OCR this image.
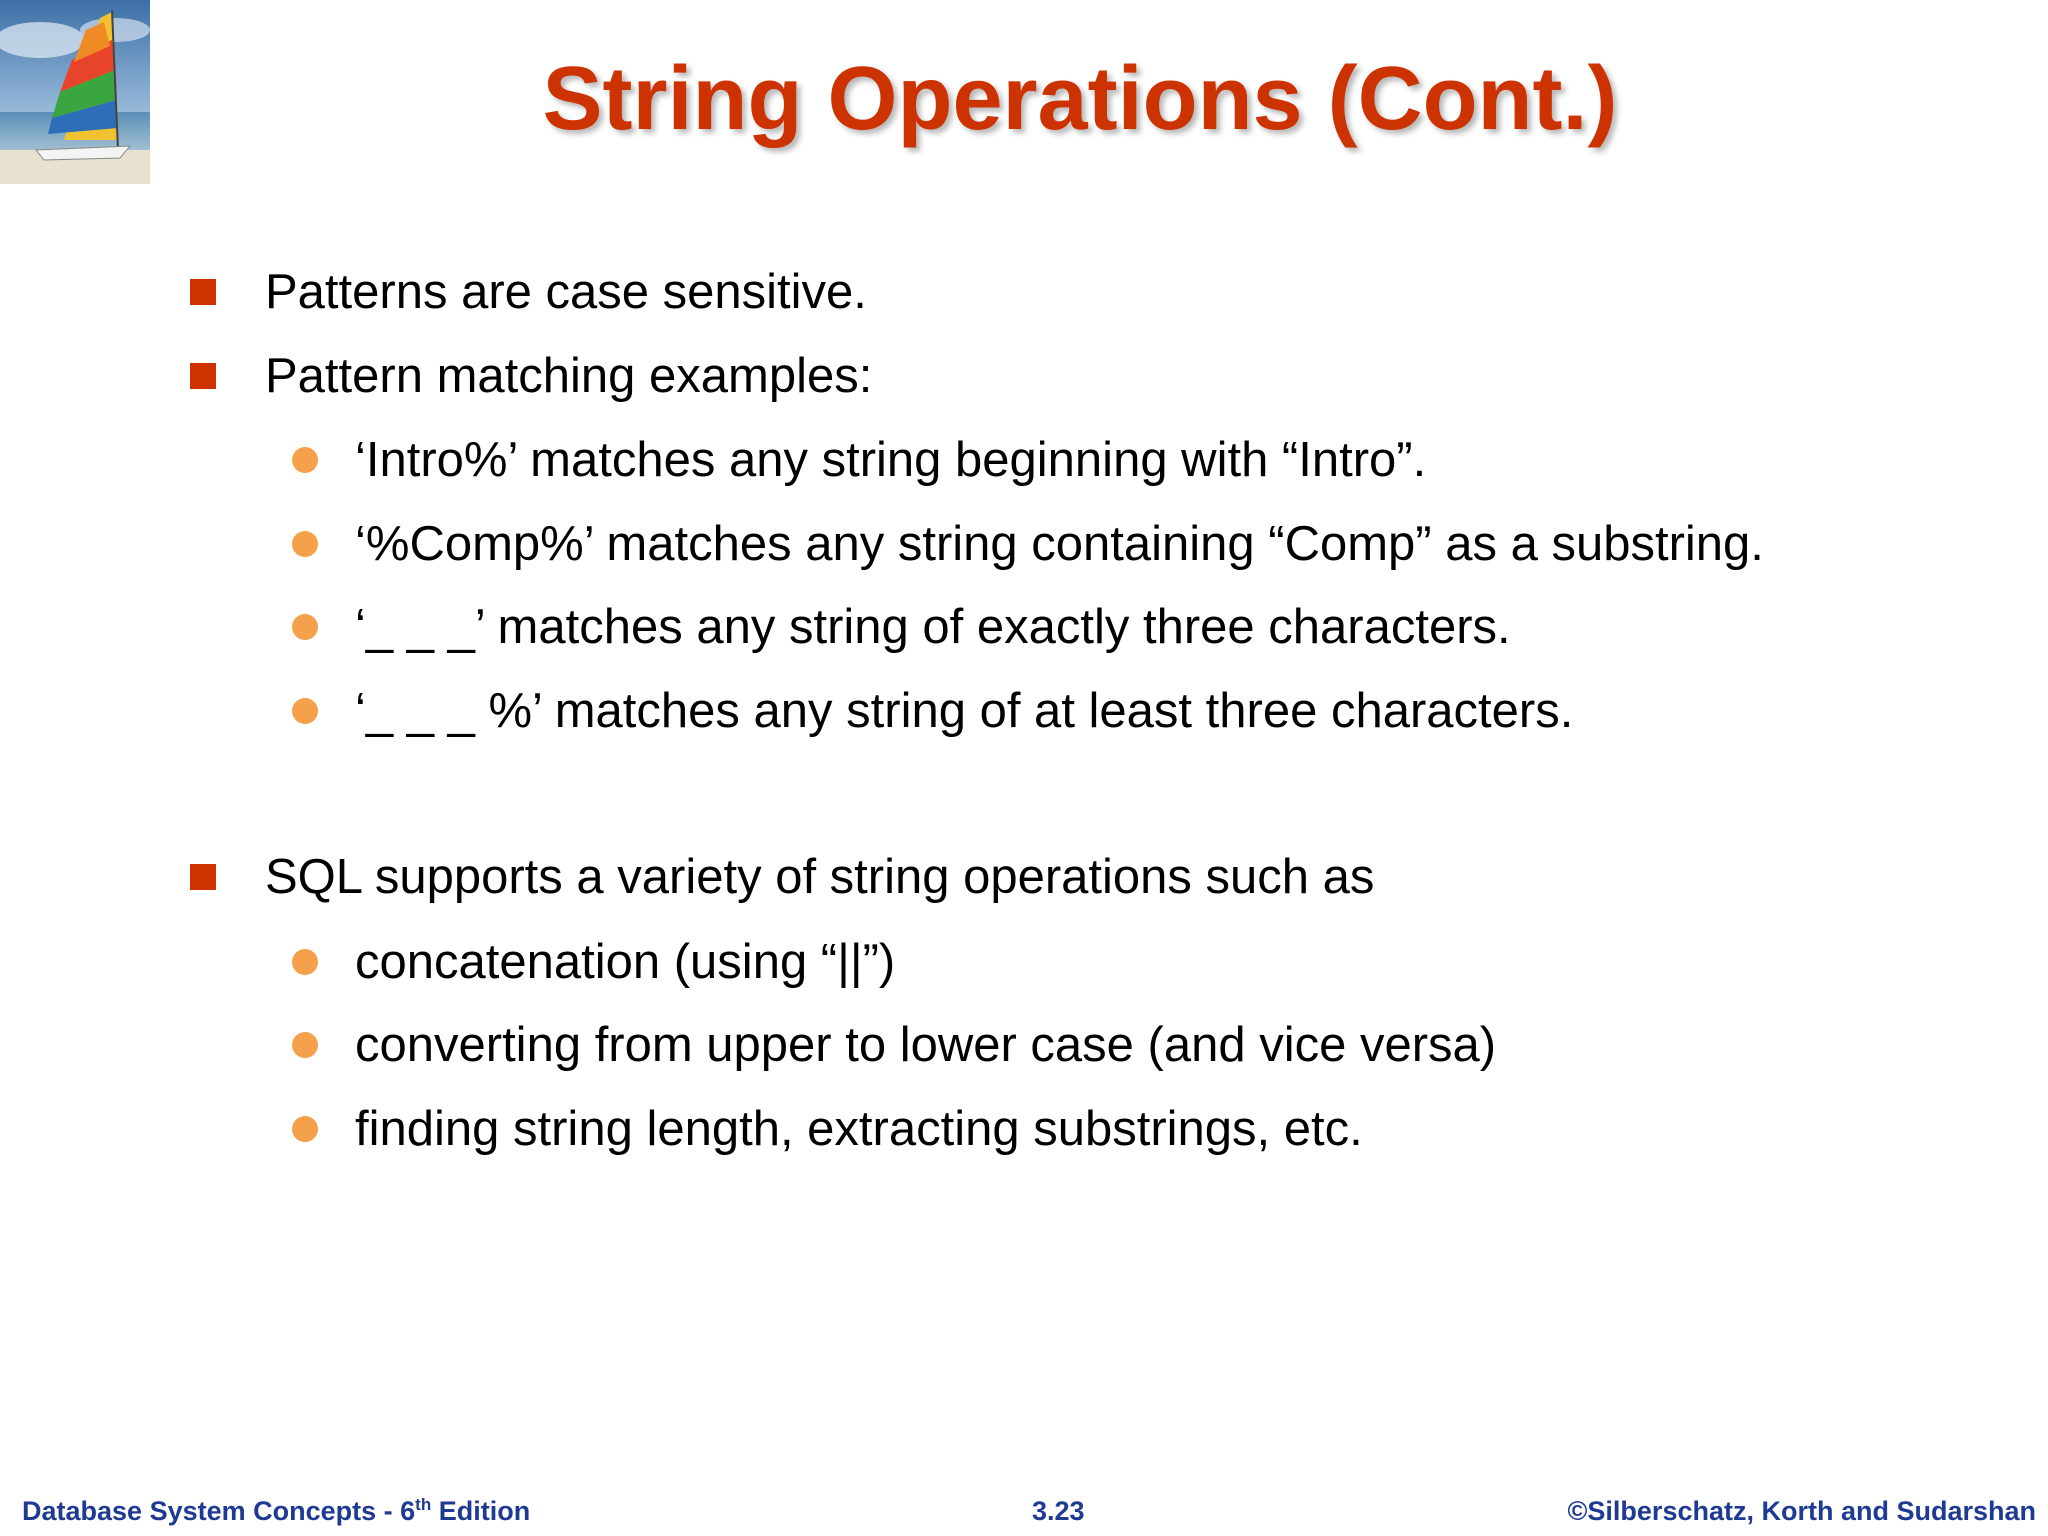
String Operations (Cont.)
Patterns are case sensitive.
Pattern matching examples:
‘Intro%’ matches any string beginning with “Intro”.
‘%Comp%’ matches any string containing “Comp” as a substring.
‘_ _ _’ matches any string of exactly three characters.
‘_ _ _ %’ matches any string of at least three characters.
SQL supports a variety of string operations such as
concatenation (using “||”)
converting from upper to lower case (and vice versa)
finding string length, extracting substrings, etc.
Database System Concepts - 6th Edition	3.23	©Silberschatz, Korth and Sudarshan
